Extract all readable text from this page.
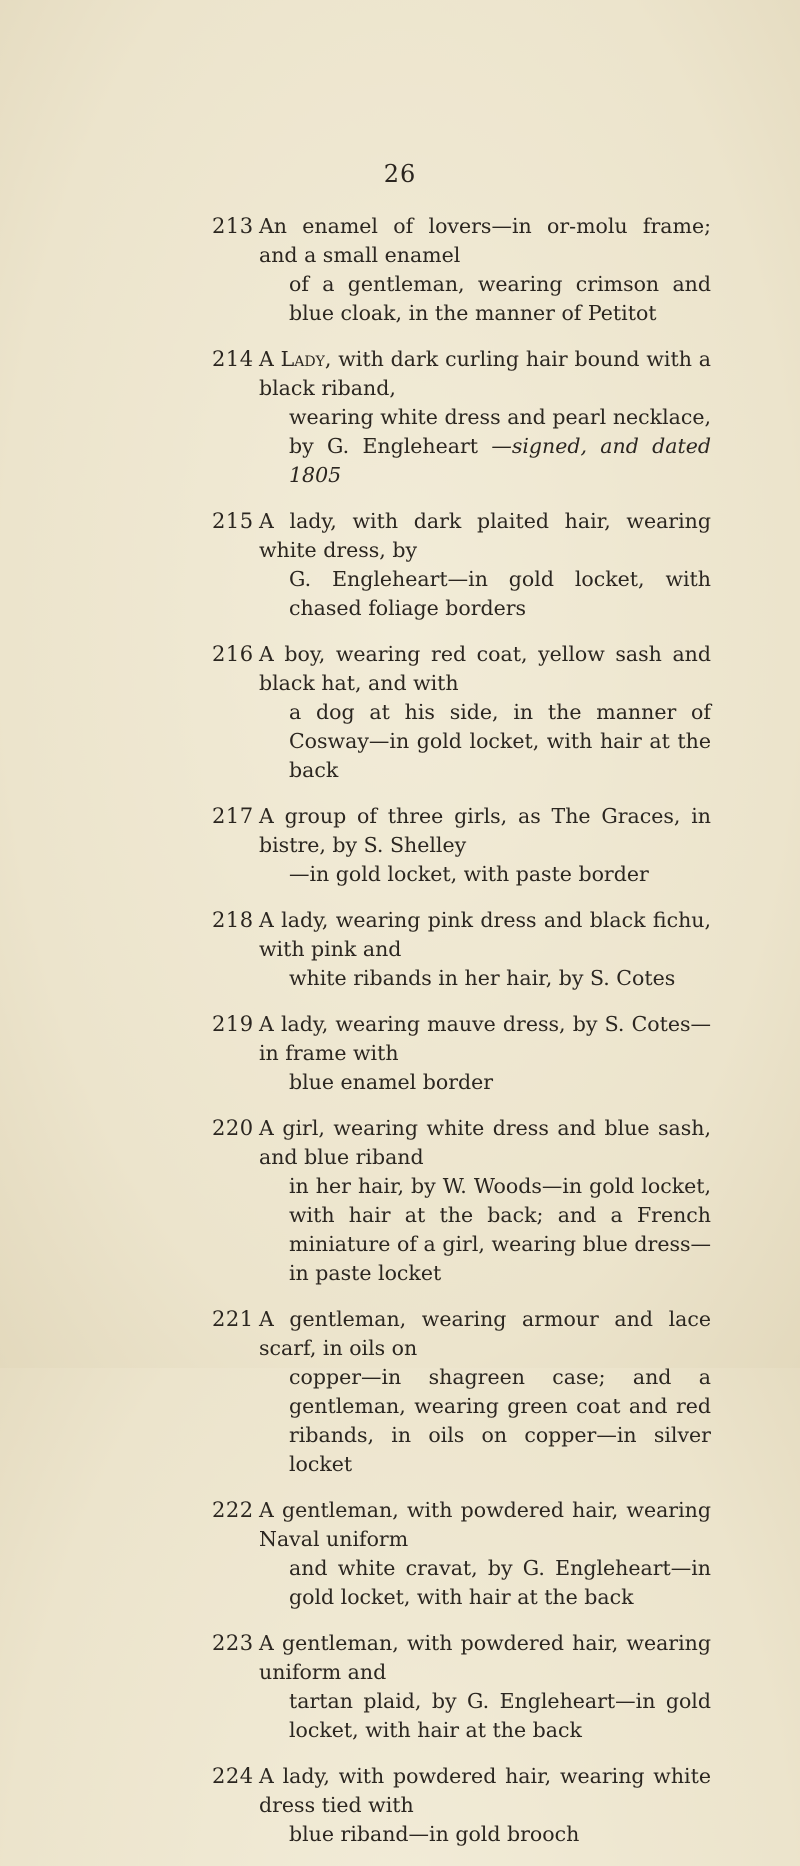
26
213 An enamel of lovers—in or-molu frame; and a small enamel
of a gentleman, wearing crimson and blue cloak, in the manner of Petitot
214 A Lady, with dark curling hair bound with a black riband,
wearing white dress and pearl necklace, by G. Engleheart —signed, and dated 1805
215 A lady, with dark plaited hair, wearing white dress, by
G. Engleheart—in gold locket, with chased foliage borders
216 A boy, wearing red coat, yellow sash and black hat, and with
a dog at his side, in the manner of Cosway—in gold locket, with hair at the back
217 A group of three girls, as The Graces, in bistre, by S. Shelley
—in gold locket, with paste border
218 A lady, wearing pink dress and black fichu, with pink and
white ribands in her hair, by S. Cotes
219 A lady, wearing mauve dress, by S. Cotes—in frame with
blue enamel border
220 A girl, wearing white dress and blue sash, and blue riband
in her hair, by W. Woods—in gold locket, with hair at the back; and a French miniature of a girl, wearing blue dress—in paste locket
221 A gentleman, wearing armour and lace scarf, in oils on
copper—in shagreen case; and a gentleman, wearing green coat and red ribands, in oils on copper—in silver locket
222 A gentleman, with powdered hair, wearing Naval uniform
and white cravat, by G. Engleheart—in gold locket, with hair at the back
223 A gentleman, with powdered hair, wearing uniform and
tartan plaid, by G. Engleheart—in gold locket, with hair at the back
224 A lady, with powdered hair, wearing white dress tied with
blue riband—in gold brooch
